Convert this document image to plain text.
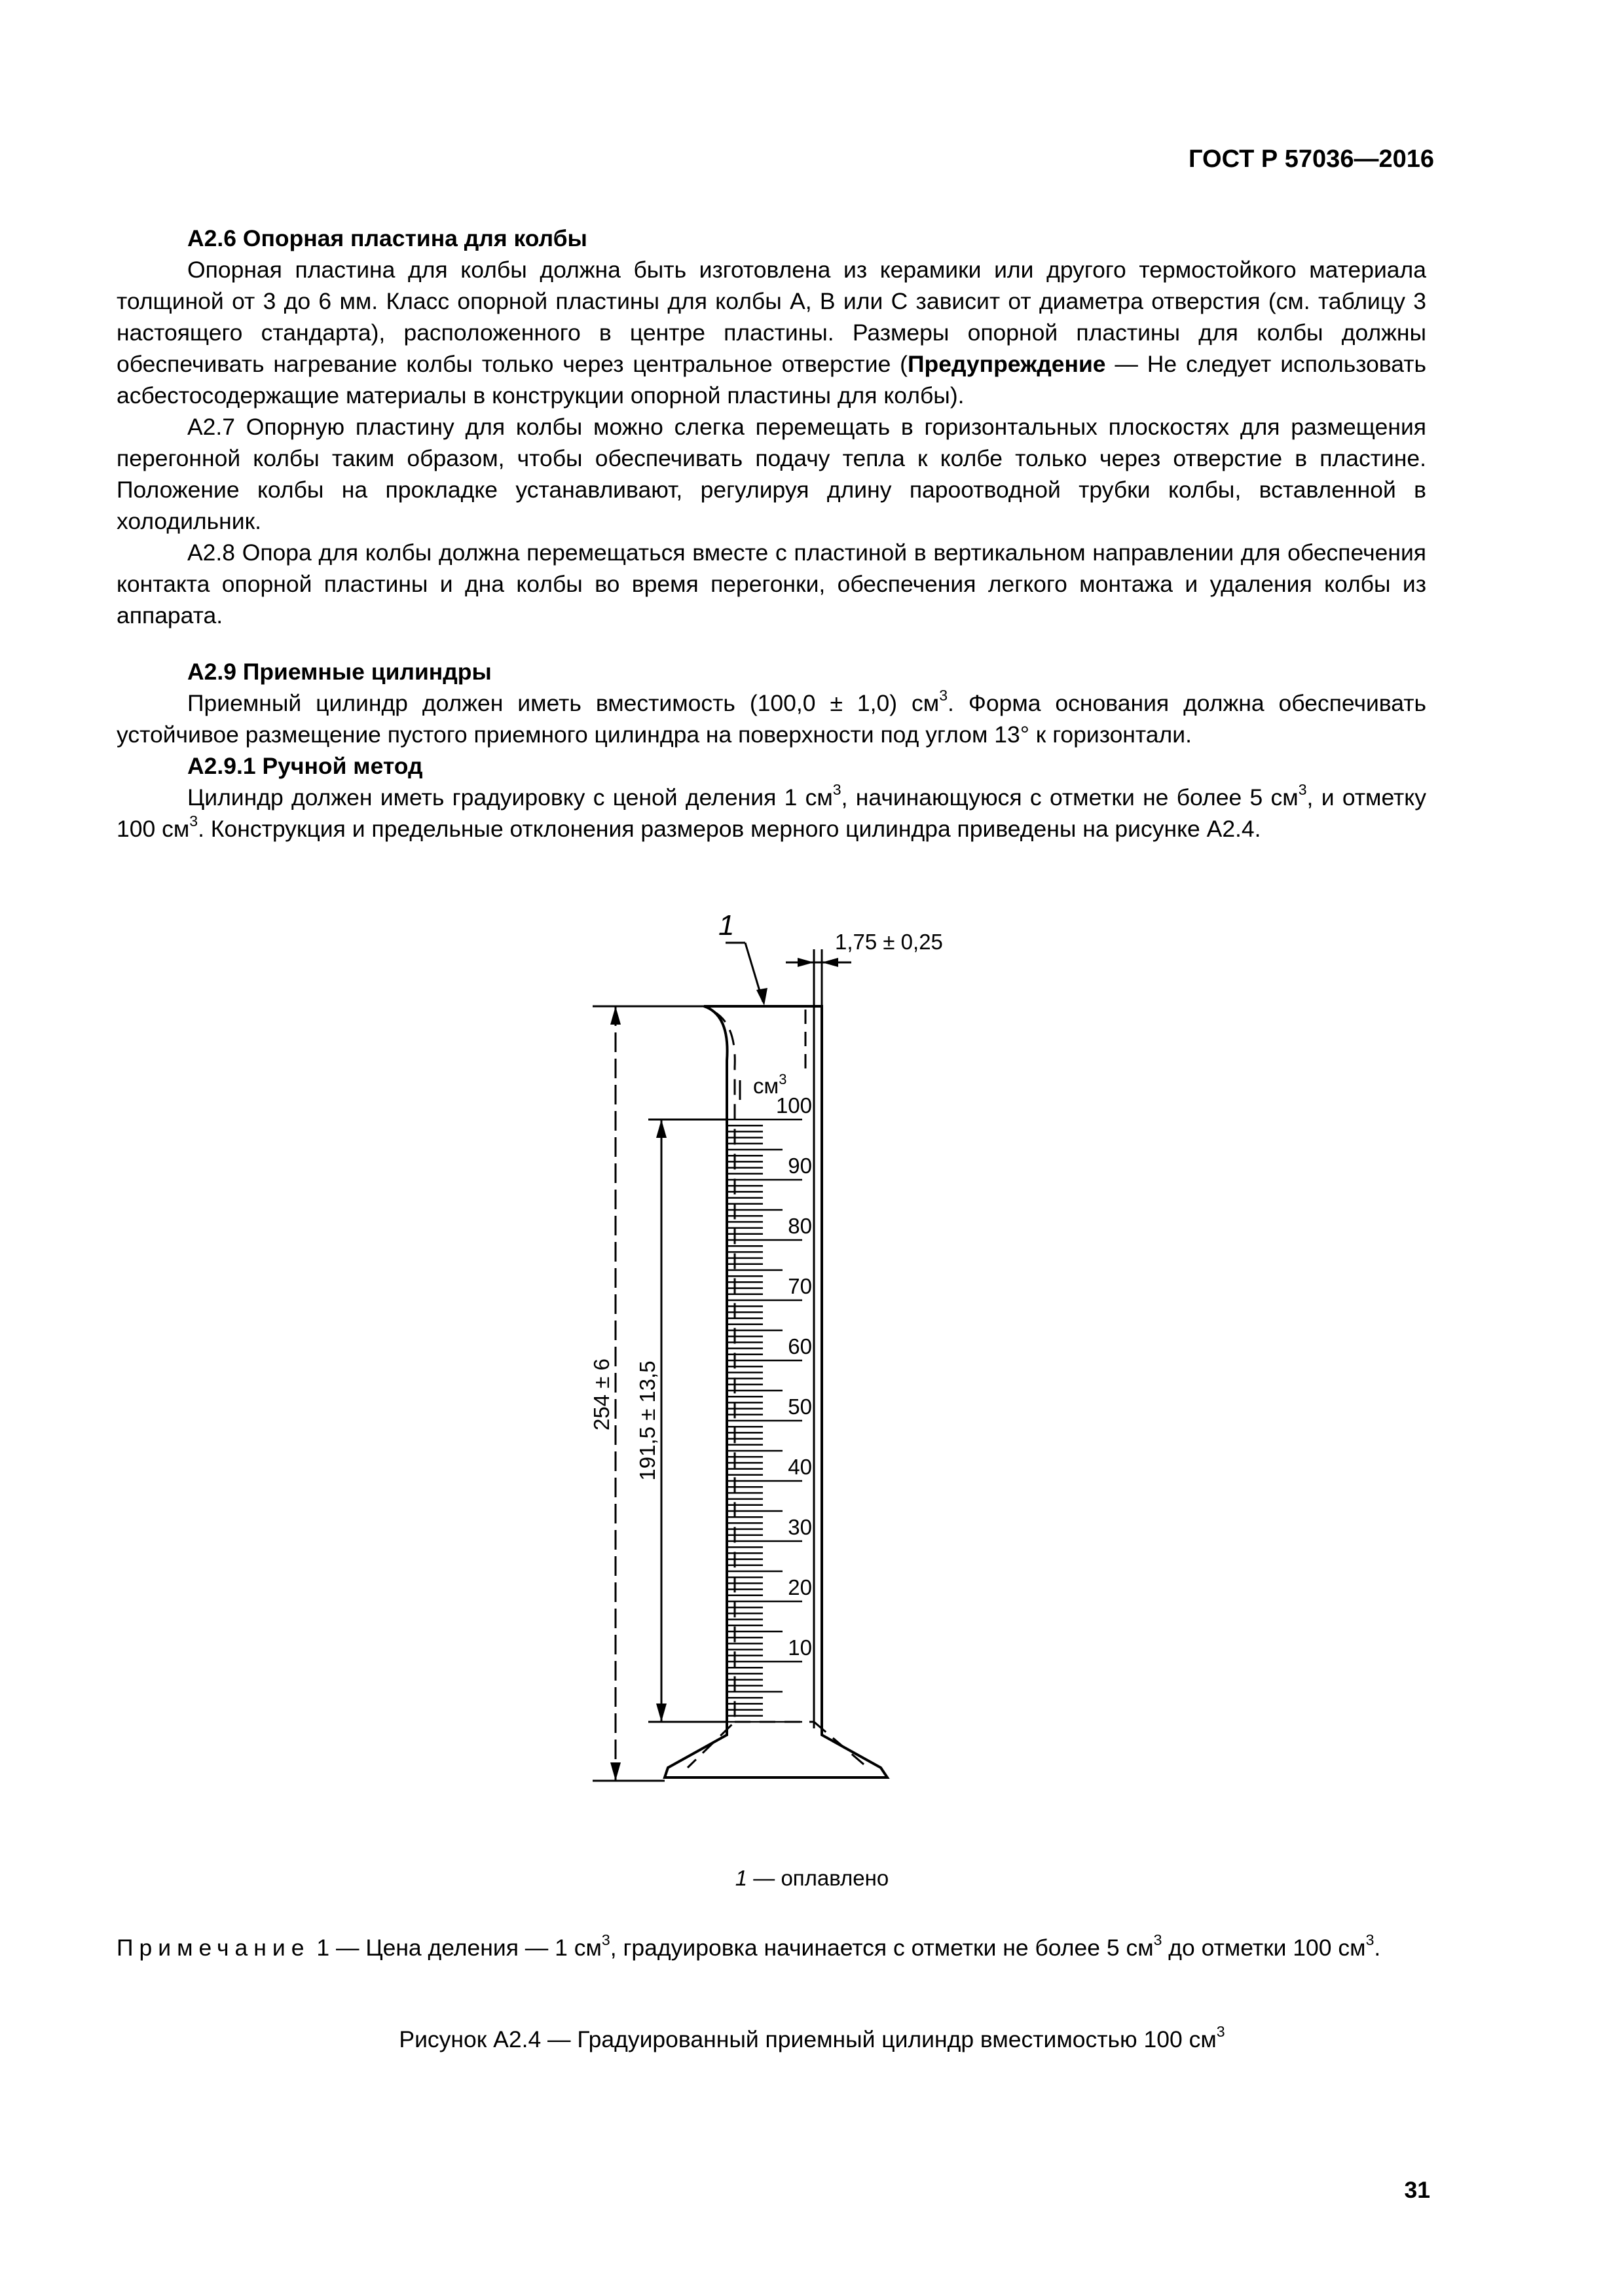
ГОСТ Р 57036—2016
А2.6 Опорная пластина для колбы

Опорная пластина для колбы должна быть изготовлена из керамики или другого термостойкого материала толщиной от 3 до 6 мм. Класс опорной пластины для колбы А, В или С зависит от диаметра отверстия (см. таблицу 3 настоящего стандарта), расположенного в центре пластины. Размеры опорной пластины для колбы должны обеспечивать нагревание колбы только через центральное отверстие (Предупреждение — Не следует использовать асбестосодержащие материалы в конструкции опорной пластины для колбы).

А2.7 Опорную пластину для колбы можно слегка перемещать в горизонтальных плоскостях для размещения перегонной колбы таким образом, чтобы обеспечивать подачу тепла к колбе только через отверстие в пластине. Положение колбы на прокладке устанавливают, регулируя длину пароотводной трубки колбы, вставленной в холодильник.

А2.8 Опора для колбы должна перемещаться вместе с пластиной в вертикальном направлении для обеспечения контакта опорной пластины и дна колбы во время перегонки, обеспечения легкого монтажа и удаления колбы из аппарата.

А2.9 Приемные цилиндры

Приемный цилиндр должен иметь вместимость (100,0 ± 1,0) $см^3$. Форма основания должна обеспечивать устойчивое размещение пустого приемного цилиндра на поверхности под углом 13° к горизонтали.

А2.9.1 Ручной метод

Цилиндр должен иметь градуировку с ценой деления 1 $см^3$, начинающуюся с отметки не более 5 $см^3$, и отметку 100 $см^3$. Конструкция и предельные отклонения размеров мерного цилиндра приведены на рисунке А2.4.

1
1,75 ± 0,25
254 ± 6 191,5 ± 13,5
$см^3$
100
90
80
70
60
50
40
30
20
10
1 — оплавлено
Примечание 1 — Цена деления — 1 $см^3$, градуировка начинается с отметки не более 5 $см^3$ до отметки 100 $см^3$.
Рисунок А2.4 — Градуированный приемный цилиндр вместимостью 100 $см^3$
31
